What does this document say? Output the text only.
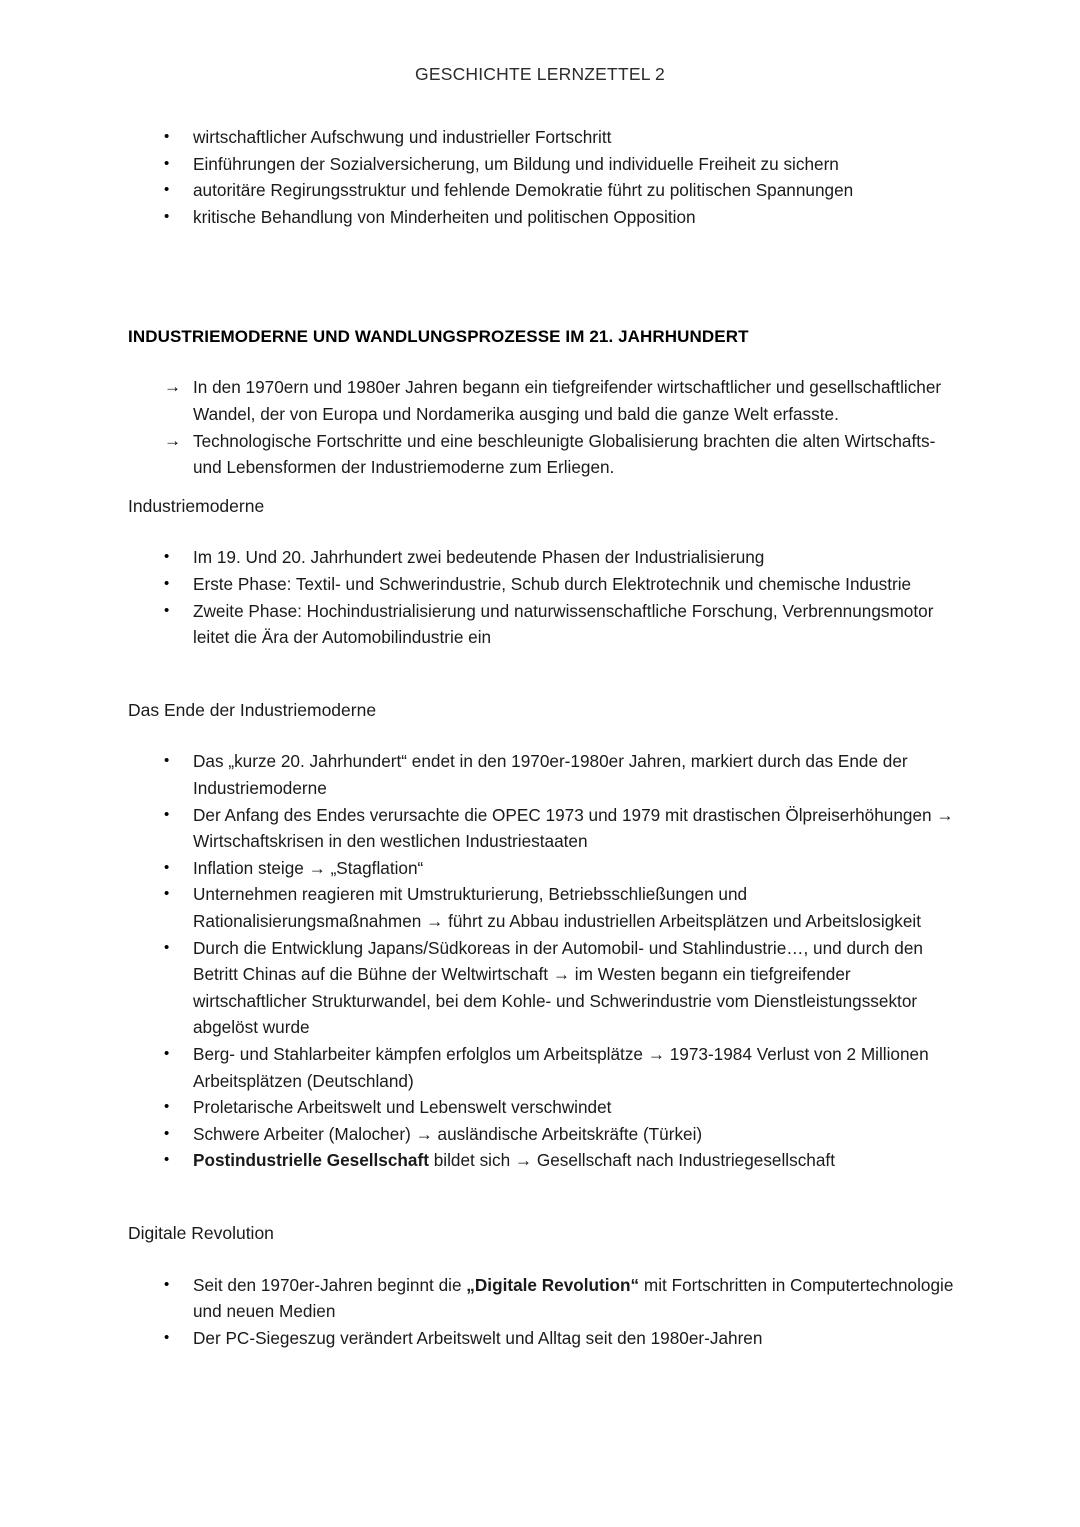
GESCHICHTE LERNZETTEL 2
•	wirtschaftlicher Aufschwung und industrieller Fortschritt
•	Einführungen der Sozialversicherung, um Bildung und individuelle Freiheit zu sichern
•	autoritäre Regirungsstruktur und fehlende Demokratie führt zu politischen Spannungen
•	kritische Behandlung von Minderheiten und politischen Opposition
INDUSTRIEMODERNE UND WANDLUNGSPROZESSE IM 21. JAHRHUNDERT
→ In den 1970ern und 1980er Jahren begann ein tiefgreifender wirtschaftlicher und gesellschaftlicher Wandel, der von Europa und Nordamerika ausging und bald die ganze Welt erfasste.
→ Technologische Fortschritte und eine beschleunigte Globalisierung brachten die alten Wirtschafts- und Lebensformen der Industriemoderne zum Erliegen.
Industriemoderne
•	Im 19. Und 20. Jahrhundert zwei bedeutende Phasen der Industrialisierung
•	Erste Phase: Textil- und Schwerindustrie, Schub durch Elektrotechnik und chemische Industrie
•	Zweite Phase: Hochindustrialisierung und naturwissenschaftliche Forschung, Verbrennungsmotor leitet die Ära der Automobilindustrie ein
Das Ende der Industriemoderne
•	Das „kurze 20. Jahrhundert“ endet in den 1970er-1980er Jahren, markiert durch das Ende der Industriemoderne
•	Der Anfang des Endes verursachte die OPEC 1973 und 1979 mit drastischen Ölpreiserhöhungen → Wirtschaftskrisen in den westlichen Industriestaaten
•	Inflation steige → „Stagflation“
•	Unternehmen reagieren mit Umstrukturierung, Betriebsschließungen und Rationalisierungsmaßnahmen → führt zu Abbau industriellen Arbeitsplätzen und Arbeitslosigkeit
•	Durch die Entwicklung Japans/Südkoreas in der Automobil- und Stahlindustrie…, und durch den Betritt Chinas auf die Bühne der Weltwirtschaft → im Westen begann ein tiefgreifender wirtschaftlicher Strukturwandel, bei dem Kohle- und Schwerindustrie vom Dienstleistungssektor abgelöst wurde
•	Berg- und Stahlarbeiter kämpfen erfolglos um Arbeitsplätze → 1973-1984 Verlust von 2 Millionen Arbeitsplätzen (Deutschland)
•	Proletarische Arbeitswelt und Lebenswelt verschwindet
•	Schwere Arbeiter (Malocher) → ausländische Arbeitskräfte (Türkei)
•	Postindustrielle Gesellschaft bildet sich → Gesellschaft nach Industriegesellschaft
Digitale Revolution
•	Seit den 1970er-Jahren beginnt die „Digitale Revolution“ mit Fortschritten in Computertechnologie und neuen Medien
•	Der PC-Siegeszug verändert Arbeitswelt und Alltag seit den 1980er-Jahren
